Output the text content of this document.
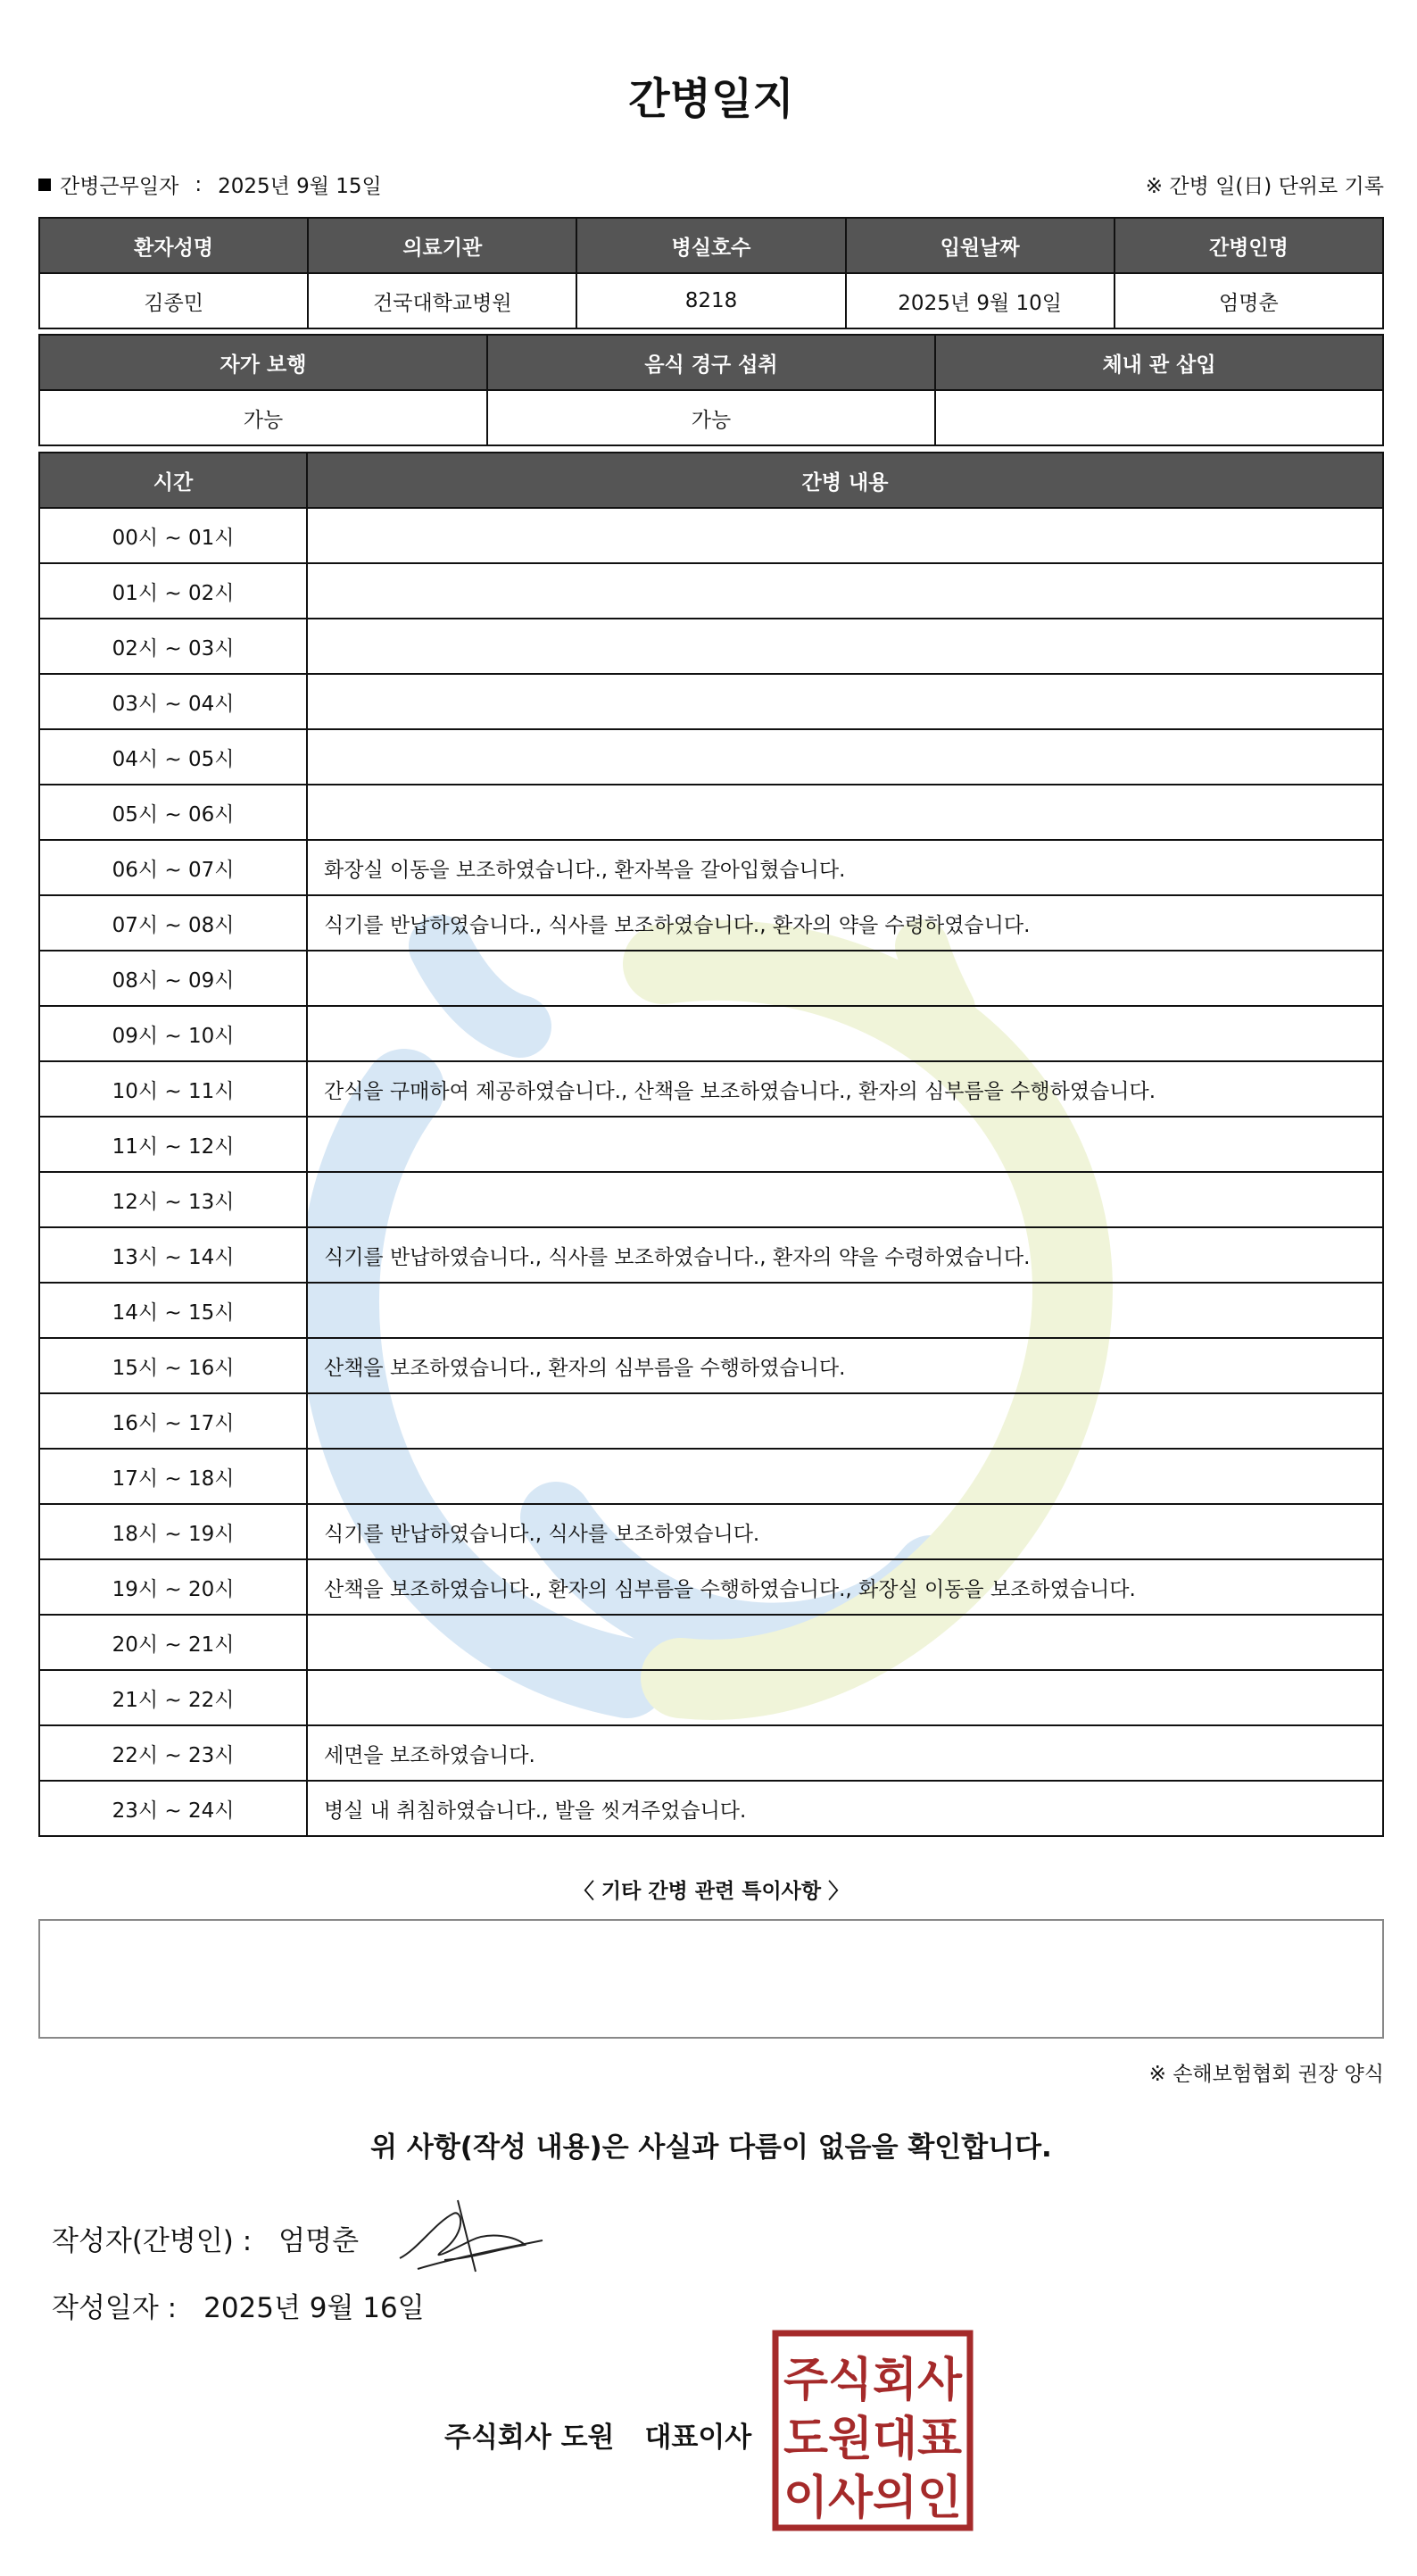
간병일지
간병근무일자 : 2025년 9월 15일	※ 간병 일(日) 단위로 기록
환자성명	의료기관	병실호수	입원날짜	간병인명
김종민	건국대학교병원	8218	2025년 9월 10일	엄명춘
자가 보행	음식 경구 섭취	체내 관 삽입
가능	가능	
시간	간병 내용
00시 ~ 01시	
01시 ~ 02시	
02시 ~ 03시	
03시 ~ 04시	
04시 ~ 05시	
05시 ~ 06시	
06시 ~ 07시	화장실 이동을 보조하였습니다., 환자복을 갈아입혔습니다.
07시 ~ 08시	식기를 반납하였습니다., 식사를 보조하였습니다., 환자의 약을 수령하였습니다.
08시 ~ 09시	
09시 ~ 10시	
10시 ~ 11시	간식을 구매하여 제공하였습니다., 산책을 보조하였습니다., 환자의 심부름을 수행하였습니다.
11시 ~ 12시	
12시 ~ 13시	
13시 ~ 14시	식기를 반납하였습니다., 식사를 보조하였습니다., 환자의 약을 수령하였습니다.
14시 ~ 15시	
15시 ~ 16시	산책을 보조하였습니다., 환자의 심부름을 수행하였습니다.
16시 ~ 17시	
17시 ~ 18시	
18시 ~ 19시	식기를 반납하였습니다., 식사를 보조하였습니다.
19시 ~ 20시	산책을 보조하였습니다., 환자의 심부름을 수행하였습니다., 화장실 이동을 보조하였습니다.
20시 ~ 21시	
21시 ~ 22시	
22시 ~ 23시	세면을 보조하였습니다.
23시 ~ 24시	병실 내 취침하였습니다., 발을 씻겨주었습니다.
〈 기타 간병 관련 특이사항 〉
※ 손해보험협회 권장 양식
위 사항(작성 내용)은 사실과 다름이 없음을 확인합니다.
작성자(간병인) : 엄명춘
작성일자 : 2025년 9월 16일
주식회사 도원 대표이사
주식회사
도원대표
이사의인
